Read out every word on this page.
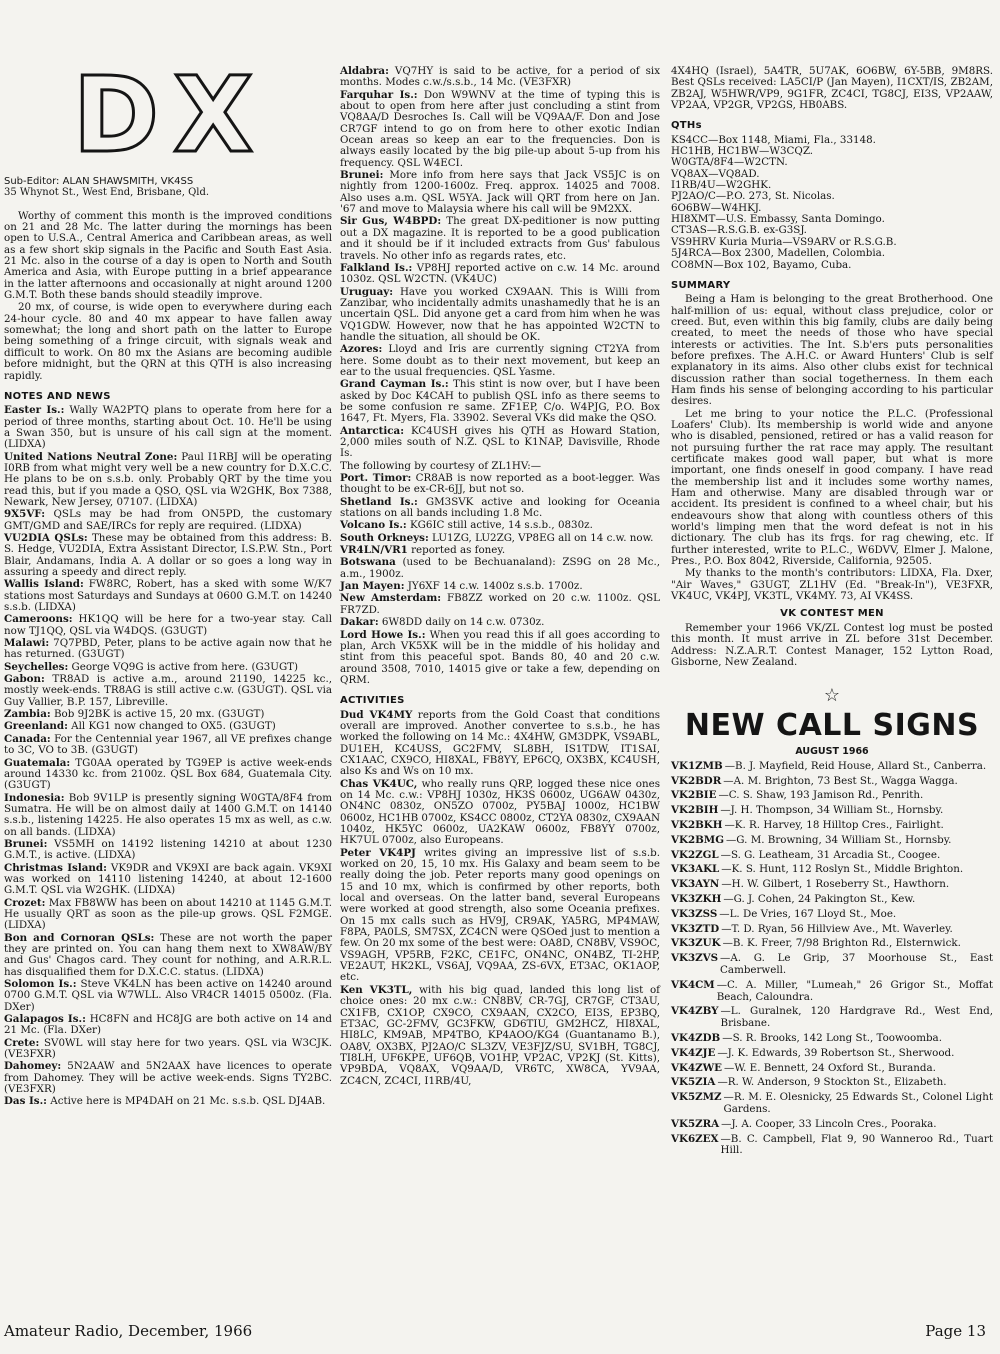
DX
Sub-Editor: ALAN SHAWSMITH, VK4SS
35 Whynot St., West End, Brisbane, Qld.

Worthy of comment this month is the improved conditions on 21 and 28 Mc. The latter during the mornings has been open to U.S.A., Central America and Caribbean areas, as well as a few short skip signals in the Pacific and South East Asia. 21 Mc. also in the course of a day is open to North and South America and Asia, with Europe putting in a brief appearance in the latter afternoons and occasionally at night around 1200 G.M.T. Both these bands should steadily improve.

20 mx, of course, is wide open to everywhere during each 24-hour cycle. 80 and 40 mx appear to have fallen away somewhat; the long and short path on the latter to Europe being something of a fringe circuit, with signals weak and difficult to work. On 80 mx the Asians are becoming audible before midnight, but the QRN at this QTH is also increasing rapidly.

NOTES AND NEWS

Easter Is.: Wally WA2PTQ plans to operate from here for a period of three months, starting about Oct. 10. He'll be using a Swan 350, but is unsure of his call sign at the moment. (LIDXA)

United Nations Neutral Zone: Paul I1RBJ will be operating I0RB from what might very well be a new country for D.X.C.C. He plans to be on s.s.b. only. Probably QRT by the time you read this, but if you made a QSO, QSL via W2GHK, Box 7388, Newark, New Jersey, 07107. (LIDXA)

9X5VF: QSLs may be had from ON5PD, the customary GMT/GMD and SAE/IRCs for reply are required. (LIDXA)

VU2DIA QSLs: These may be obtained from this address: B. S. Hedge, VU2DIA, Extra Assistant Director, I.S.P.W. Stn., Port Blair, Andamans, India A. A dollar or so goes a long way in assuring a speedy and direct reply.

Wallis Island: FW8RC, Robert, has a sked with some W/K7 stations most Saturdays and Sundays at 0600 G.M.T. on 14240 s.s.b. (LIDXA)

Cameroons: HK1QQ will be here for a two-year stay. Call now TJ1QQ, QSL via W4DQS. (G3UGT)

Malawi: 7Q7PBD, Peter, plans to be active again now that he has returned. (G3UGT)

Seychelles: George VQ9G is active from here. (G3UGT)

Gabon: TR8AD is active a.m., around 21190, 14225 kc., mostly week-ends. TR8AG is still active c.w. (G3UGT). QSL via Guy Vallier, B.P. 157, Libreville.

Zambia: Bob 9J2BK is active 15, 20 mx. (G3UGT)

Greenland: All KG1 now changed to OX5. (G3UGT)

Canada: For the Centennial year 1967, all VE prefixes change to 3C, VO to 3B. (G3UGT)

Guatemala: TG0AA operated by TG9EP is active week-ends around 14330 kc. from 2100z. QSL Box 684, Guatemala City. (G3UGT)

Indonesia: Bob 9V1LP is presently signing W0GTA/8F4 from Sumatra. He will be on almost daily at 1400 G.M.T. on 14140 s.s.b., listening 14225. He also operates 15 mx as well, as c.w. on all bands. (LIDXA)

Brunei: VS5MH on 14192 listening 14210 at about 1230 G.M.T., is active. (LIDXA)

Christmas Island: VK9DR and VK9XI are back again. VK9XI was worked on 14110 listening 14240, at about 12-1600 G.M.T. QSL via W2GHK. (LIDXA)

Crozet: Max FB8WW has been on about 14210 at 1145 G.M.T. He usually QRT as soon as the pile-up grows. QSL F2MGE. (LIDXA)

Bon and Cornoran QSLs: These are not worth the paper they are printed on. You can hang them next to XW8AW/BY and Gus' Chagos card. They count for nothing, and A.R.R.L. has disqualified them for D.X.C.C. status. (LIDXA)

Solomon Is.: Steve VK4LN has been active on 14240 around 0700 G.M.T. QSL via W7WLL. Also VR4CR 14015 0500z. (Fla. DXer)

Galapagos Is.: HC8FN and HC8JG are both active on 14 and 21 Mc. (Fla. DXer)

Crete: SV0WL will stay here for two years. QSL via W3CJK. (VE3FXR)

Dahomey: 5N2AAW and 5N2AAX have licences to operate from Dahomey. They will be active week-ends. Signs TY2BC. (VE3FXR)

Das Is.: Active here is MP4DAH on 21 Mc. s.s.b. QSL DJ4AB.

Aldabra: VQ7HY is said to be active, for a period of six months. Modes c.w./s.s.b., 14 Mc. (VE3FXR)

Farquhar Is.: Don W9WNV at the time of typing this is about to open from here after just concluding a stint from VQ8AA/D Desroches Is. Call will be VQ9AA/F. Don and Jose CR7GF intend to go on from here to other exotic Indian Ocean areas so keep an ear to the frequencies. Don is always easily located by the big pile-up about 5-up from his frequency. QSL W4ECI.

Brunei: More info from here says that Jack VS5JC is on nightly from 1200-1600z. Freq. approx. 14025 and 7008. Also uses a.m. QSL W5YA. Jack will QRT from here on Jan. '67 and move to Malaysia where his call will be 9M2XX.

Sir Gus, W4BPD: The great DX-peditioner is now putting out a DX magazine. It is reported to be a good publication and it should be if it included extracts from Gus' fabulous travels. No other info as regards rates, etc.

Falkland Is.: VP8HJ reported active on c.w. 14 Mc. around 1030z. QSL W2CTN. (VK4UC)

Uruguay: Have you worked CX9AAN. This is Willi from Zanzibar, who incidentally admits unashamedly that he is an uncertain QSL. Did anyone get a card from him when he was VQ1GDW. However, now that he has appointed W2CTN to handle the situation, all should be OK.

Azores: Lloyd and Iris are currently signing CT2YA from here. Some doubt as to their next movement, but keep an ear to the usual frequencies. QSL Yasme.

Grand Cayman Is.: This stint is now over, but I have been asked by Doc K4CAH to publish QSL info as there seems to be some confusion re same. ZF1EP, C/o. W4PJG, P.O. Box 1647, Ft. Myers, Fla. 33902. Several VKs did make the QSO.

Antarctica: KC4USH gives his QTH as Howard Station, 2,000 miles south of N.Z. QSL to K1NAP, Davisville, Rhode Is.

The following by courtesy of ZL1HV:—

Port. Timor: CR8AB is now reported as a boot-legger. Was thought to be ex-CR-6JJ, but not so.

Shetland Is.: GM3SVK active and looking for Oceania stations on all bands including 1.8 Mc.

Volcano Is.: KG6IC still active, 14 s.s.b., 0830z.

South Orkneys: LU1ZG, LU2ZG, VP8EG all on 14 c.w. now.

VR4LN/VR1 reported as foney.

Botswana (used to be Bechuanaland): ZS9G on 28 Mc., a.m., 1900z.

Jan Mayen: JY6XF 14 c.w. 1400z s.s.b. 1700z.

New Amsterdam: FB8ZZ worked on 20 c.w. 1100z. QSL FR7ZD.

Dakar: 6W8DD daily on 14 c.w. 0730z.

Lord Howe Is.: When you read this if all goes according to plan, Arch VK5XK will be in the middle of his holiday and stint from this peaceful spot. Bands 80, 40 and 20 c.w. around 3508, 7010, 14015 give or take a few, depending on QRM.

ACTIVITIES

Dud VK4MY reports from the Gold Coast that conditions overall are improved. Another convertee to s.s.b., he has worked the following on 14 Mc.: 4X4HW, GM3DPK, VS9ABL, DU1EH, KC4USS, GC2FMV, SL8BH, IS1TDW, IT1SAI, CX1AAC, CX9CO, HI8XAL, FB8YY, EP6CQ, OX3BX, KC4USH, also Ks and Ws on 10 mx.

Chas VK4UC, who really runs QRP, logged these nice ones on 14 Mc. c.w.: VP8HJ 1030z, HK3S 0600z, UG6AW 0430z, ON4NC 0830z, ON5ZO 0700z, PY5BAJ 1000z, HC1BW 0600z, HC1HB 0700z, KS4CC 0800z, CT2YA 0830z, CX9AAN 1040z, HK5YC 0600z, UA2KAW 0600z, FB8YY 0700z, HK7UL 0700z, also Europeans.

Peter VK4PJ writes giving an impressive list of s.s.b. worked on 20, 15, 10 mx. His Galaxy and beam seem to be really doing the job. Peter reports many good openings on 15 and 10 mx, which is confirmed by other reports, both local and overseas. On the latter band, several Europeans were worked at good strength, also some Oceania prefixes. On 15 mx calls such as HV9J, CR9AK, YA5RG, MP4MAW, F8PA, PA0LS, SM7SX, ZC4CN were QSOed just to mention a few. On 20 mx some of the best were: OA8D, CN8BV, VS9OC, VS9AGH, VP5RB, F2KC, CE1FC, ON4NC, ON4BZ, TI-2HP, VE2AUT, HK2KL, VS6AJ, VQ9AA, ZS-6VX, ET3AC, OK1AOP, etc.

Ken VK3TL, with his big quad, landed this long list of choice ones: 20 mx c.w.: CN8BV, CR-7GJ, CR7GF, CT3AU, CX1FB, CX1OP, CX9CO, CX9AAN, CX2CO, EI3S, EP3BQ, ET3AC, GC-2FMV, GC3FKW, GD6TIU, GM2HCZ, HI8XAL, HI8LC, KM9AB, MP4TBO, KP4AOO/KG4 (Guantanamo B.), OA8V, OX3BX, PJ2AO/C SL3ZV, VE3FJZ/SU, SV1BH, TG8CJ, TI8LH, UF6KPE, UF6QB, VO1HP, VP2AC, VP2KJ (St. Kitts), VP9BDA, VQ8AX, VQ9AA/D, VR6TC, XW8CA, YV9AA, ZC4CN, ZC4CI, I1RB/4U,

4X4HQ (Israel), 5A4TR, 5U7AK, 6O6BW, 6Y-5BB, 9M8RS. Best QSLs received: LA5CI/P (Jan Mayen), I1CXT/IS, ZB2AM, ZB2AJ, W5HWR/VP9, 9G1FR, ZC4CI, TG8CJ, EI3S, VP2AAW, VP2AA, VP2GR, VP2GS, HB0ABS.

QTHs
KS4CC—Box 1148, Miami, Fla., 33148.
HC1HB, HC1BW—W3CQZ.
W0GTA/8F4—W2CTN.
VQ8AX—VQ8AD.
I1RB/4U—W2GHK.
PJ2AO/C—P.O. 273, St. Nicolas.
6O6BW—W4HKJ.
HI8XMT—U.S. Embassy, Santa Domingo.
CT3AS—R.S.G.B. ex-G3SJ.
VS9HRV Kuria Muria—VS9ARV or R.S.G.B.
5J4RCA—Box 2300, Madellen, Colombia.
CO8MN—Box 102, Bayamo, Cuba.
SUMMARY

Being a Ham is belonging to the great Brotherhood. One half-million of us: equal, without class prejudice, color or creed. But, even within this big family, clubs are daily being created, to meet the needs of those who have special interests or activities. The Int. S.b'ers puts personalities before prefixes. The A.H.C. or Award Hunters' Club is self explanatory in its aims. Also other clubs exist for technical discussion rather than social togetherness. In them each Ham finds his sense of belonging according to his particular desires.

Let me bring to your notice the P.L.C. (Professional Loafers' Club). Its membership is world wide and anyone who is disabled, pensioned, retired or has a valid reason for not pursuing further the rat race may apply. The resultant certificate makes good wall paper, but what is more important, one finds oneself in good company. I have read the membership list and it includes some worthy names, Ham and otherwise. Many are disabled through war or accident. Its president is confined to a wheel chair, but his endeavours show that along with countless others of this world's limping men that the word defeat is not in his dictionary. The club has its frqs. for rag chewing, etc. If further interested, write to P.L.C., W6DVV, Elmer J. Malone, Pres., P.O. Box 8042, Riverside, California, 92505.

My thanks to the month's contributors: LIDXA, Fla. Dxer, "Air Waves," G3UGT, ZL1HV (Ed. "Break-In"), VE3FXR, VK4UC, VK4PJ, VK3TL, VK4MY. 73, AI VK4SS.

VK CONTEST MEN

Remember your 1966 VK/ZL Contest log must be posted this month. It must arrive in ZL before 31st December. Address: N.Z.A.R.T. Contest Manager, 152 Lytton Road, Gisborne, New Zealand.

☆
NEW CALL SIGNS
AUGUST 1966
VK1ZMB —B. J. Mayfield, Reid House, Allard St., Canberra.
VK2BDR —A. M. Brighton, 73 Best St., Wagga Wagga.
VK2BIE —C. S. Shaw, 193 Jamison Rd., Penrith.
VK2BIH —J. H. Thompson, 34 William St., Hornsby.
VK2BKH —K. R. Harvey, 18 Hilltop Cres., Fairlight.
VK2BMG —G. M. Browning, 34 William St., Hornsby.
VK2ZGL —S. G. Leatheam, 31 Arcadia St., Coogee.
VK3AKL —K. S. Hunt, 112 Roslyn St., Middle Brighton.
VK3AYN —H. W. Gilbert, 1 Roseberry St., Hawthorn.
VK3ZKH —G. J. Cohen, 24 Pakington St., Kew.
VK3ZSS —L. De Vries, 167 Lloyd St., Moe.
VK3ZTD —T. D. Ryan, 56 Hillview Ave., Mt. Waverley.
VK3ZUK —B. K. Freer, 7/98 Brighton Rd., Elsternwick.
VK3ZVS —A. G. Le Grip, 37 Moorhouse St., East Camberwell.
VK4CM —C. A. Miller, "Lumeah," 26 Grigor St., Moffat Beach, Caloundra.
VK4ZBY —L. Guralnek, 120 Hardgrave Rd., West End, Brisbane.
VK4ZDB —S. R. Brooks, 142 Long St., Toowoomba.
VK4ZJE —J. K. Edwards, 39 Robertson St., Sherwood.
VK4ZWE —W. E. Bennett, 24 Oxford St., Buranda.
VK5ZIA —R. W. Anderson, 9 Stockton St., Elizabeth.
VK5ZMZ —R. M. E. Olesnicky, 25 Edwards St., Colonel Light Gardens.
VK5ZRA —J. A. Cooper, 33 Lincoln Cres., Pooraka.
VK6ZEX —B. C. Campbell, Flat 9, 90 Wanneroo Rd., Tuart Hill.
Amateur Radio, December, 1966	Page 13
